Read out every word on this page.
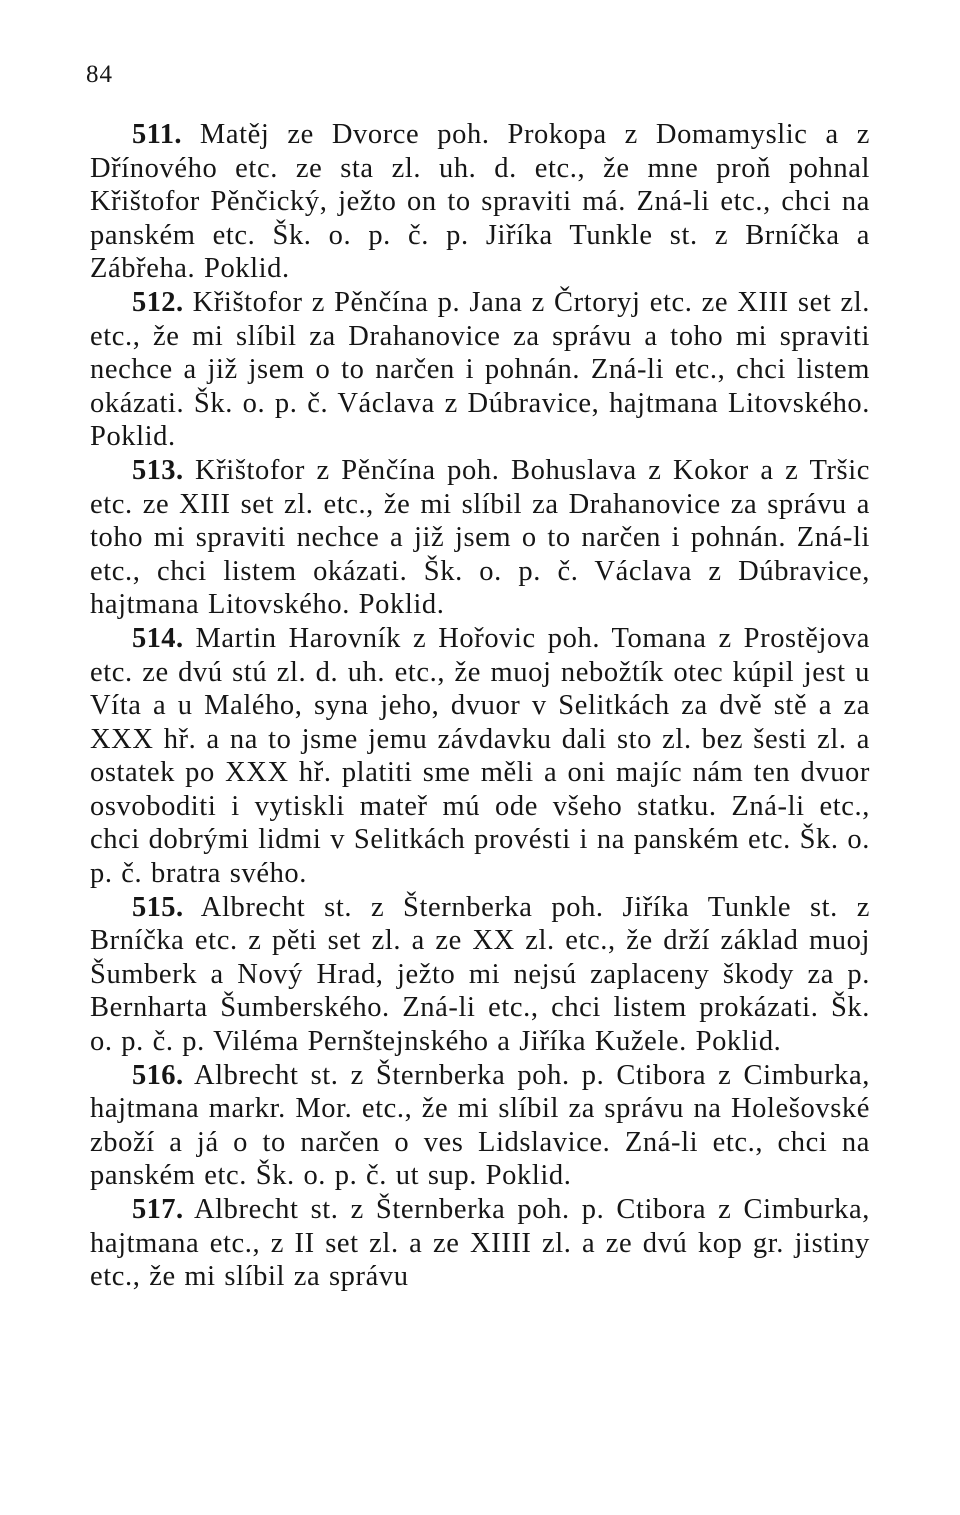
84

511. Matěj ze Dvorce poh. Prokopa z Domamyslic a z Dřínového etc. ze sta zl. uh. d. etc., že mne proň pohnal Křištofor Pěnčický, ježto on to spraviti má. Zná-li etc., chci na panském etc. Šk. o. p. č. p. Jiříka Tunkle st. z Brníčka a Zábřeha. Poklid.

512. Křištofor z Pěnčína p. Jana z Črtoryj etc. ze XIII set zl. etc., že mi slíbil za Drahanovice za správu a toho mi spraviti nechce a již jsem o to narčen i pohnán. Zná-li etc., chci listem okázati. Šk. o. p. č. Václava z Dúbravice, hajtmana Litovského. Poklid.

513. Křištofor z Pěnčína poh. Bohuslava z Kokor a z Tršic etc. ze XIII set zl. etc., že mi slíbil za Drahanovice za správu a toho mi spraviti nechce a již jsem o to narčen i pohnán. Zná-li etc., chci listem okázati. Šk. o. p. č. Václava z Dúbravice, hajtmana Litovského. Poklid.

514. Martin Harovník z Hořovic poh. Tomana z Prostějova etc. ze dvú stú zl. d. uh. etc., že muoj nebožtík otec kúpil jest u Víta a u Malého, syna jeho, dvuor v Selitkách za dvě stě a za XXX hř. a na to jsme jemu závdavku dali sto zl. bez šesti zl. a ostatek po XXX hř. platiti sme měli a oni majíc nám ten dvuor osvoboditi i vytiskli mateř mú ode všeho statku. Zná-li etc., chci dobrými lidmi v Selitkách provésti i na panském etc. Šk. o. p. č. bratra svého.

515. Albrecht st. z Šternberka poh. Jiříka Tunkle st. z Brníčka etc. z pěti set zl. a ze XX zl. etc., že drží základ muoj Šumberk a Nový Hrad, ježto mi nejsú zaplaceny škody za p. Bernharta Šumberského. Zná-li etc., chci listem prokázati. Šk. o. p. č. p. Viléma Pernštejnského a Jiříka Kužele. Poklid.

516. Albrecht st. z Šternberka poh. p. Ctibora z Cimburka, hajtmana markr. Mor. etc., že mi slíbil za správu na Holešovské zboží a já o to narčen o ves Lidslavice. Zná-li etc., chci na panském etc. Šk. o. p. č. ut sup. Poklid.

517. Albrecht st. z Šternberka poh. p. Ctibora z Cimburka, hajtmana etc., z II set zl. a ze XIIII zl. a ze dvú kop gr. jistiny etc., že mi slíbil za správu
